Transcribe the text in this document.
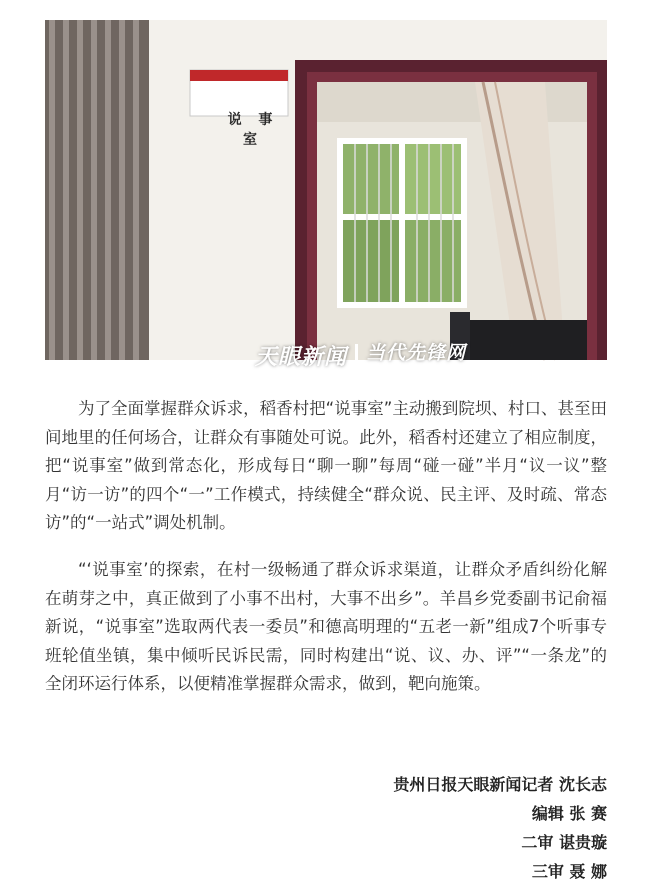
插香村
说 事 室
天眼新闻 当代先锋网
DDCPC.CN

为了全面掌握群众诉求，稻香村把“说事室”主动搬到院坝、村口、甚至田间地里的任何场合，让群众有事随处可说。此外，稻香村还建立了相应制度，把“说事室”做到常态化，形成每日“聊一聊”每周“碰一碰”半月“议一议”整月“访一访”的四个“一”工作模式，持续健全“群众说、民主评、及时疏、常态访”的“一站式”调处机制。

“‘说事室’的探索，在村一级畅通了群众诉求渠道，让群众矛盾纠纷化解在萌芽之中，真正做到了小事不出村，大事不出乡”。羊昌乡党委副书记俞福新说，“说事室”选取两代表一委员”和德高明理的“五老一新”组成7个听事专班轮值坐镇，集中倾听民诉民需，同时构建出“说、议、办、评”“一条龙”的全闭环运行体系，以便精准掌握群众需求，做到，靶向施策。

贵州日报天眼新闻记者 沈长志
编辑 张 赛
二审 谌贵璇
三审 聂 娜
